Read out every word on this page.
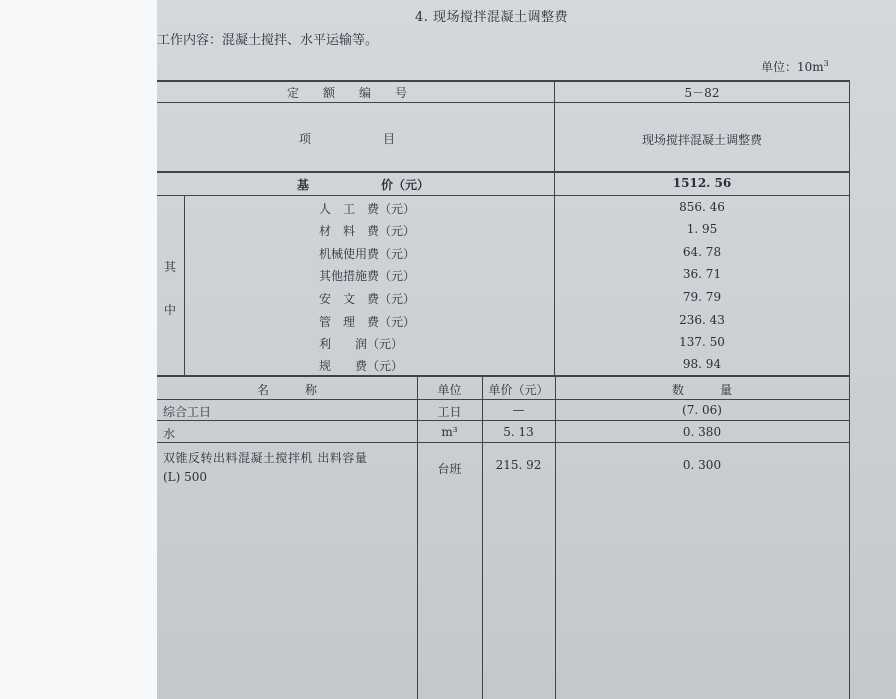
4. 现场搅拌混凝土调整费
工作内容：混凝土搅拌、水平运输等。
单位：$10m^3$
定　　额　　编　　号	5－82
项　　　　　　目	现场搅拌混凝土调整费
基　　　　　　价（元）	1512. 56
其
中
人　工　费（元）	856. 46
材　料　费（元）	1. 95
机械使用费（元）	64. 78
其他措施费（元）	36. 71
安　文　费（元）	79. 79
管　理　费（元）	236. 43
利　　润（元）	137. 50
规　　费（元）	98. 94
名　　　称	单位	单价（元）	数　　　量
综合工日	工日	—	(7. 06)
水	m³	5. 13	0. 380
双锥反转出料混凝土搅拌机 出料容量
(L) 500
台班	215. 92	0. 300
